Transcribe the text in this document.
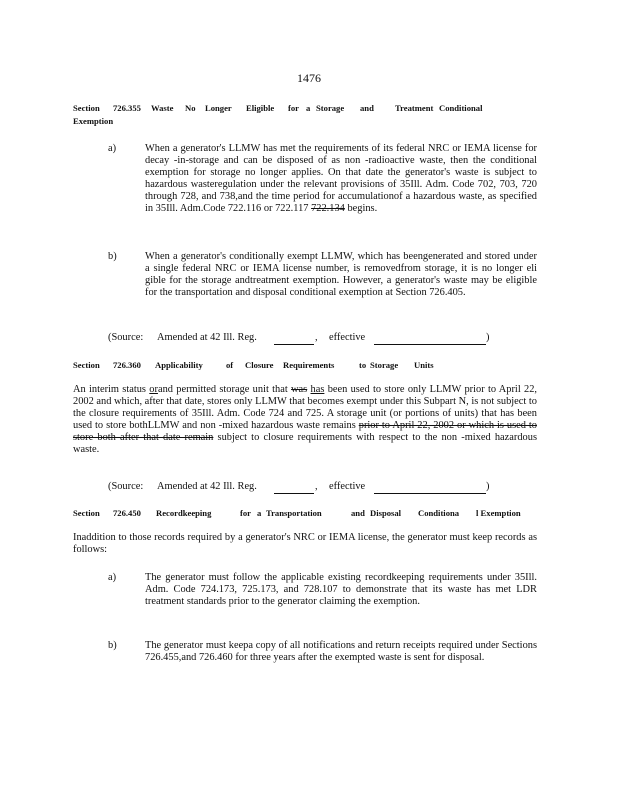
1476
Section 726.355 Waste No Longer Eligible for a Storage and Treatment Conditional
Exemption
a)	When a generator's LLMW has met the requirements of its federal NRC or IEMA license for decay -in-storage and can be disposed of as non -radioactive waste, then the conditional exemption for storage no longer applies. On that date the generator's waste is subject to hazardous wasteregulation under the relevant provisions of 35Ill. Adm. Code 702, 703, 720 through 728, and 738,and the time period for accumulationof a hazardous waste, as specified in 35Ill. Adm.Code 722.116 or 722.117 722.134 begins.
b)	When a generator's conditionally exempt LLMW, which has beengenerated and stored under a single federal NRC or IEMA license number, is removedfrom storage, it is no longer eli gible for the storage andtreatment exemption. However, a generator's waste may be eligible for the transportation and disposal conditional exemption at Section 726.405.
(Source: Amended at 42 Ill. Reg.	, effective	)
Section 726.360 Applicability	of Closure Requirements	to Storage Units
An interim status orand permitted storage unit that was has been used to store only LLMW prior to April 22, 2002 and which, after that date, stores only LLMW that becomes exempt under this Subpart N, is not subject to the closure requirements of 35Ill. Adm. Code 724 and 725. A storage unit (or portions of units) that has been used to store bothLLMW and non -mixed hazardous waste remains prior to April 22, 2002 or which is used to store both after that date remain subject to closure requirements with respect to the non -mixed hazardous waste.
(Source: Amended at 42 Ill. Reg.	, effective	)
Section 726.450 Recordkeeping	for a Transportation	and Disposal Conditiona l Exemption
Inaddition to those records required by a generator's NRC or IEMA license, the generator must keep records as follows:
a)	The generator must follow the applicable existing recordkeeping requirements under 35Ill. Adm. Code 724.173, 725.173, and 728.107 to demonstrate that its waste has met LDR treatment standards prior to the generator claiming the exemption.
b)	The generator must keepa copy of all notifications and return receipts required under Sections 726.455,and 726.460 for three years after the exempted waste is sent for disposal.
